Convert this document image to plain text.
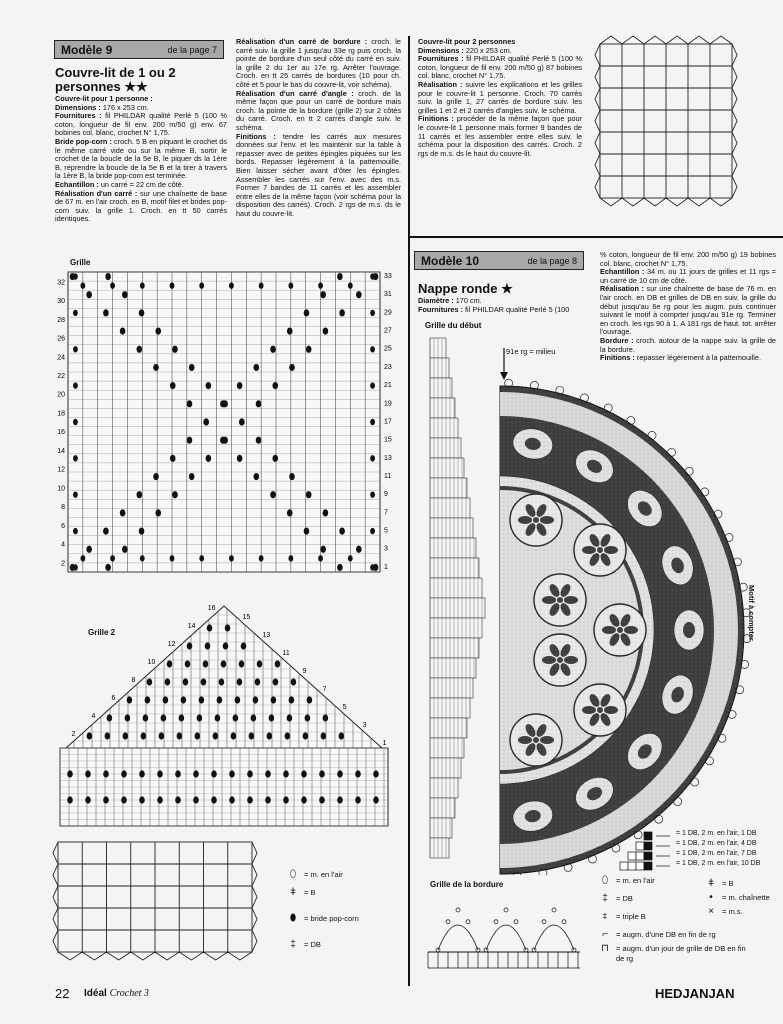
Modèle 9	de la page 7
Couvre-lit de 1 ou 2
personnes ★★
Couvre-lit pour 1 personne :
Dimensions : 176 x 253 cm.
Fournitures : fil PHILDAR qualité Perlé 5 (100 % coton, longueur de fil env. 200 m/50 g) env. 67 bobines col. blanc, crochet N° 1,75.
Bride pop-corn : croch. 5 B en piquant le crochet ds le même carré vide ou sur la même B, sortir le crochet de la boucle de la 5e B, le piquer ds la 1ère B, reprendre la boucle de la 5e B et la tirer à travers la 1ère B, la bride pop-corn est terminée.
Echantillon : un carré = 22 cm de côté.
Réalisation d'un carré : sur une chaînette de base de 67 m. en l'air croch. en B, motif filet et brides pop-corn suiv. la grille 1. Croch. en tt 50 carrés identiques.
Réalisation d'un carré de bordure : croch. le carré suiv. la grille 1 jusqu'au 33e rg puis croch. la pointe de bordure d'un seul côté du carré en suiv. la grille 2 du 1er au 17e rg. Arrêter l'ouvrage. Croch. en tt 25 carrés de bordures (10 pour ch. côté et 5 pour le bas du couvre-lit, voir schéma).
Réalisation d'un carré d'angle : croch. de la même façon que pour un carré de bordure mais croch. la pointe de la bordure (grille 2) sur 2 côtés du carré. Croch. en tt 2 carrés d'angle suiv. le schéma.
Finitions : tendre les carrés aux mesures données sur l'env. et les maintenir sur la table à repasser avec de petites épingles piquées sur les bords. Repasser légèrement à la pattemouille. Bien laisser sécher avant d'ôter les épingles. Assembler les carrés sur l'env. avec des m.s. Former 7 bandes de 11 carrés et les assembler entre elles de la même façon (voir schéma pour la disposition des carrés). Croch. 2 rgs de m.s. ds le haut du couvre-lit.
Couvre-lit pour 2 personnes
Dimensions : 220 x 253 cm.
Fournitures : fil PHILDAR qualité Perlé 5 (100 % coton, longueur de fil env. 200 m/50 g) 87 bobines col. blanc, crochet N° 1,75.
Réalisation : suivre les explications et les grilles pour le couvre-lit 1 personne. Croch. 70 carrés suiv. la grille 1, 27 carrés de bordure suiv. les grilles 1 et 2 et 2 carrés d'angles suiv. le schéma.
Finitions : procéder de la même façon que pour le couvre-lit 1 personne mais former 9 bandes de 11 carrés et les assembler entre elles suiv. le schéma pour la disposition des carrés. Croch. 2 rgs de m.s. ds le haut du couvre-lit.
Grille
32
30
28
26
24
22
20
18
16
14
12
10
8
6
4
2
33
31
29
27
25
23
21
19
17
15
13
11
9
7
5
3
1
Grille 2
16
14
12
10
8
6
4
2
15
13
11
9
7
5
3
1
⬯	= m. en l'air
ǂ	= B
⬮	= bride pop-corn
‡	= DB
Modèle 10	de la page 8
Nappe ronde ★
Diamètre : 170 cm.
Fournitures : fil PHILDAR qualité Perlé 5 (100
% coton, longueur de fil env. 200 m/50 g) 19 bobines col. blanc, crochet N° 1,75.
Echantillon : 34 m. ou 11 jours de grilles et 11 rgs = un carré de 10 cm de côté.
Réalisation : sur une chaînette de base de 76 m. en l'air croch. en DB et grilles de DB en suiv. la grille du début jusqu'au 6e rg pour les augm. puis continuer suivant le motif à comprter jusqu'au 91e rg. Terminer en croch. les rgs 90 à 1. A 181 rgs de haut. tot. arrêter l'ouvrage.
Bordure : croch. autour de la nappe suiv. la grille de la bordure.
Finitions : repasser légèrement à la pattemouille.
Grille du début
91e rg = milieu
Motif à compter
= 1 DB, 2 m. en l'air, 1 DB
= 1 DB, 2 m. en l'air, 4 DB
= 1 DB, 2 m. en l'air, 7 DB
= 1 DB, 2 m. en l'air, 10 DB
Grille de la bordure	⬯	= m. en l'air
‡	= DB
⧧	= triple B
⌐	= augm. d'une DB en fin de rg
⊓ = augm. d'un jour de grille de DB en fin de rg
ǂ	= B
•	= m. chaînette
×	= m.s.
22 Idéal Crochet 3	HEDJANJAN
